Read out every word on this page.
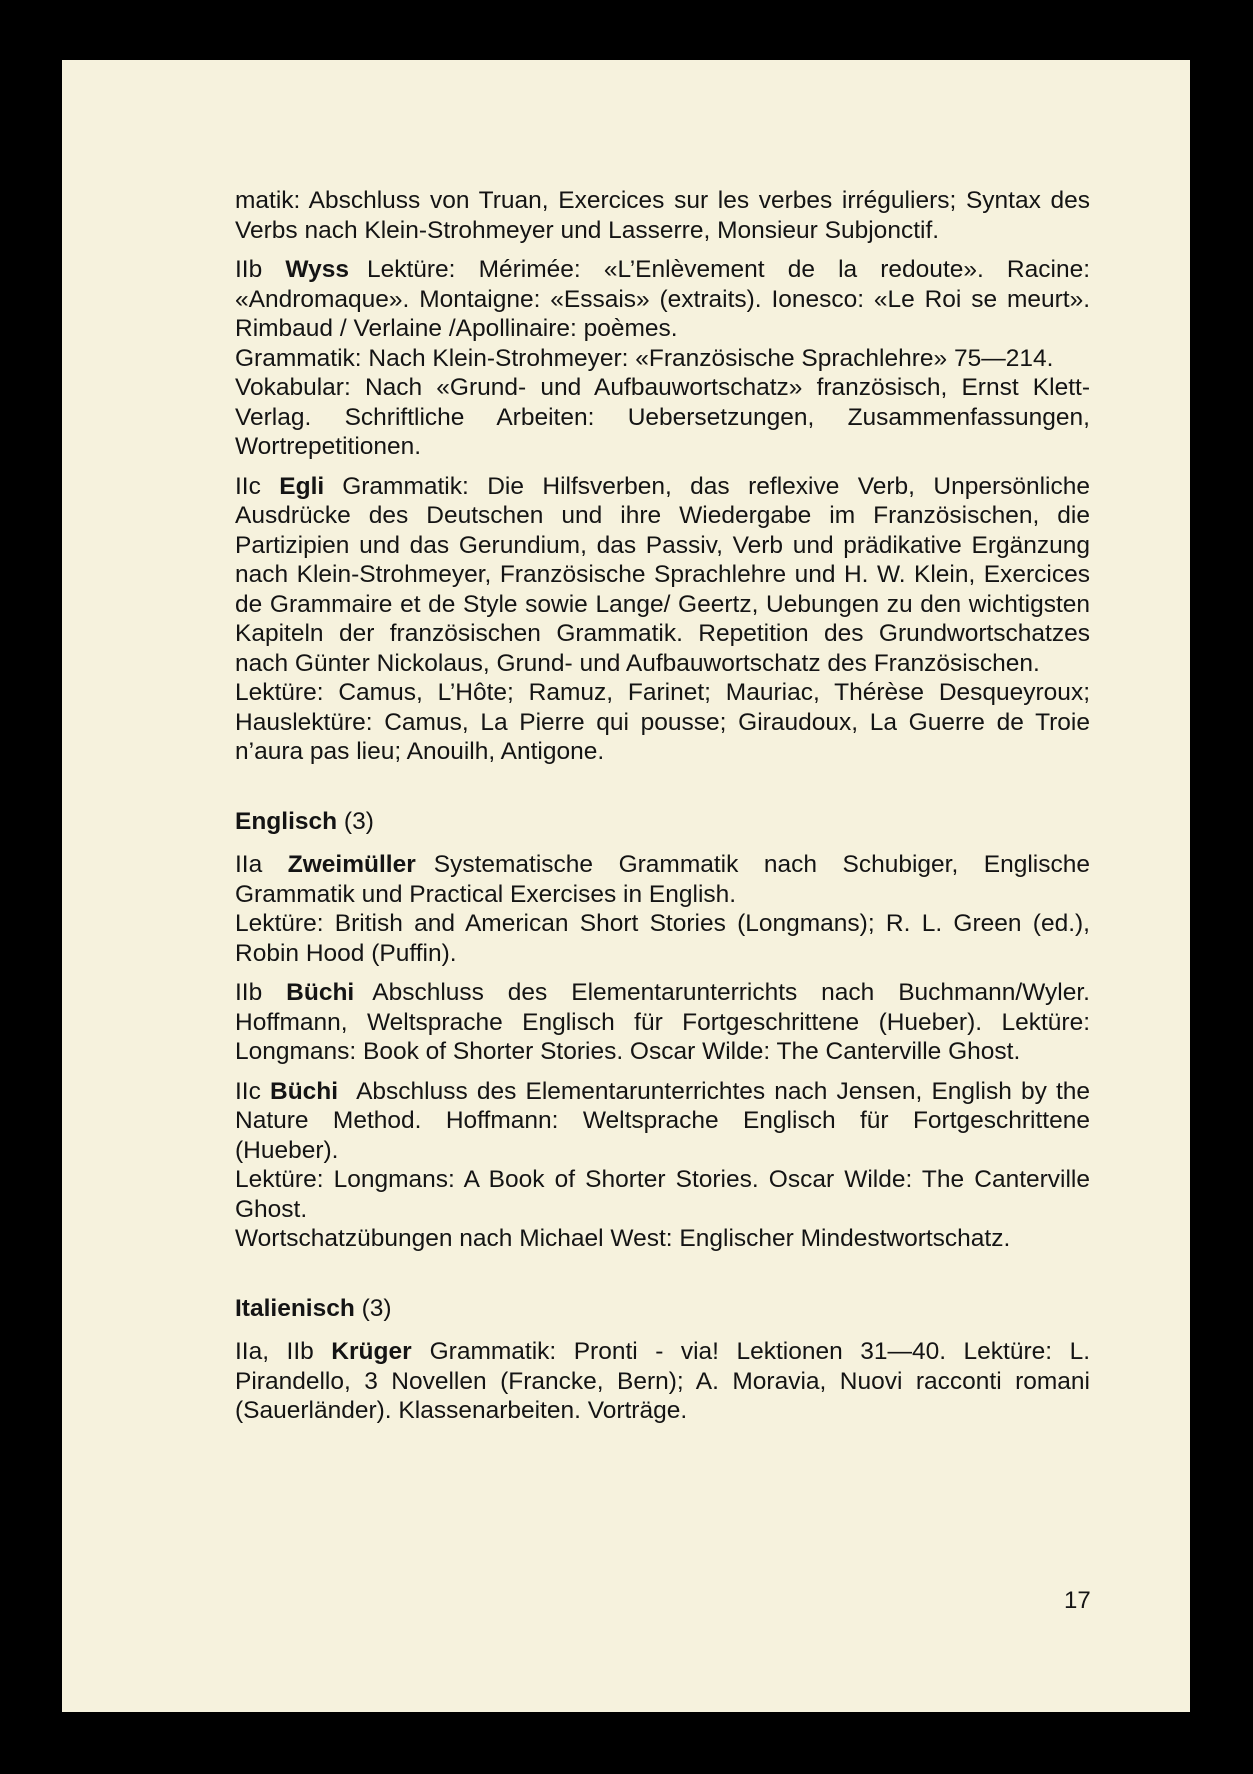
matik: Abschluss von Truan, Exercices sur les verbes irréguliers; Syntax des Verbs nach Klein-Strohmeyer und Lasserre, Monsieur Subjonctif.

IIb Wyss Lektüre: Mérimée: «L’Enlèvement de la redoute». Racine: «Andromaque». Montaigne: «Essais» (extraits). Ionesco: «Le Roi se meurt». Rimbaud / Verlaine /Apollinaire: poèmes.

Grammatik: Nach Klein-Strohmeyer: «Französische Sprachlehre» 75—214.

Vokabular: Nach «Grund- und Aufbauwortschatz» französisch, Ernst Klett-Verlag. Schriftliche Arbeiten: Uebersetzungen, Zusammenfassungen, Wortrepetitionen.

IIc Egli Grammatik: Die Hilfsverben, das reflexive Verb, Unpersönliche Ausdrücke des Deutschen und ihre Wiedergabe im Französischen, die Partizipien und das Gerundium, das Passiv, Verb und prädikative Ergänzung nach Klein-Strohmeyer, Französische Sprachlehre und H. W. Klein, Exercices de Grammaire et de Style sowie Lange/ Geertz, Uebungen zu den wichtigsten Kapiteln der französischen Grammatik. Repetition des Grundwortschatzes nach Günter Nickolaus, Grund- und Aufbauwortschatz des Französischen.

Lektüre: Camus, L’Hôte; Ramuz, Farinet; Mauriac, Thérèse Desqueyroux; Hauslektüre: Camus, La Pierre qui pousse; Giraudoux, La Guerre de Troie n’aura pas lieu; Anouilh, Antigone.

Englisch (3)

IIa Zweimüller Systematische Grammatik nach Schubiger, Englische Grammatik und Practical Exercises in English.

Lektüre: British and American Short Stories (Longmans); R. L. Green (ed.), Robin Hood (Puffin).

IIb Büchi Abschluss des Elementarunterrichts nach Buchmann/Wyler. Hoffmann, Weltsprache Englisch für Fortgeschrittene (Hueber). Lektüre: Longmans: Book of Shorter Stories. Oscar Wilde: The Canterville Ghost.

IIc Büchi Abschluss des Elementarunterrichtes nach Jensen, English by the Nature Method. Hoffmann: Weltsprache Englisch für Fortgeschrittene (Hueber).

Lektüre: Longmans: A Book of Shorter Stories. Oscar Wilde: The Canterville Ghost.

Wortschatzübungen nach Michael West: Englischer Mindestwortschatz.

Italienisch (3)

IIa, IIb Krüger Grammatik: Pronti - via! Lektionen 31—40. Lektüre: L. Pirandello, 3 Novellen (Francke, Bern); A. Moravia, Nuovi racconti romani (Sauerländer). Klassenarbeiten. Vorträge.

17
